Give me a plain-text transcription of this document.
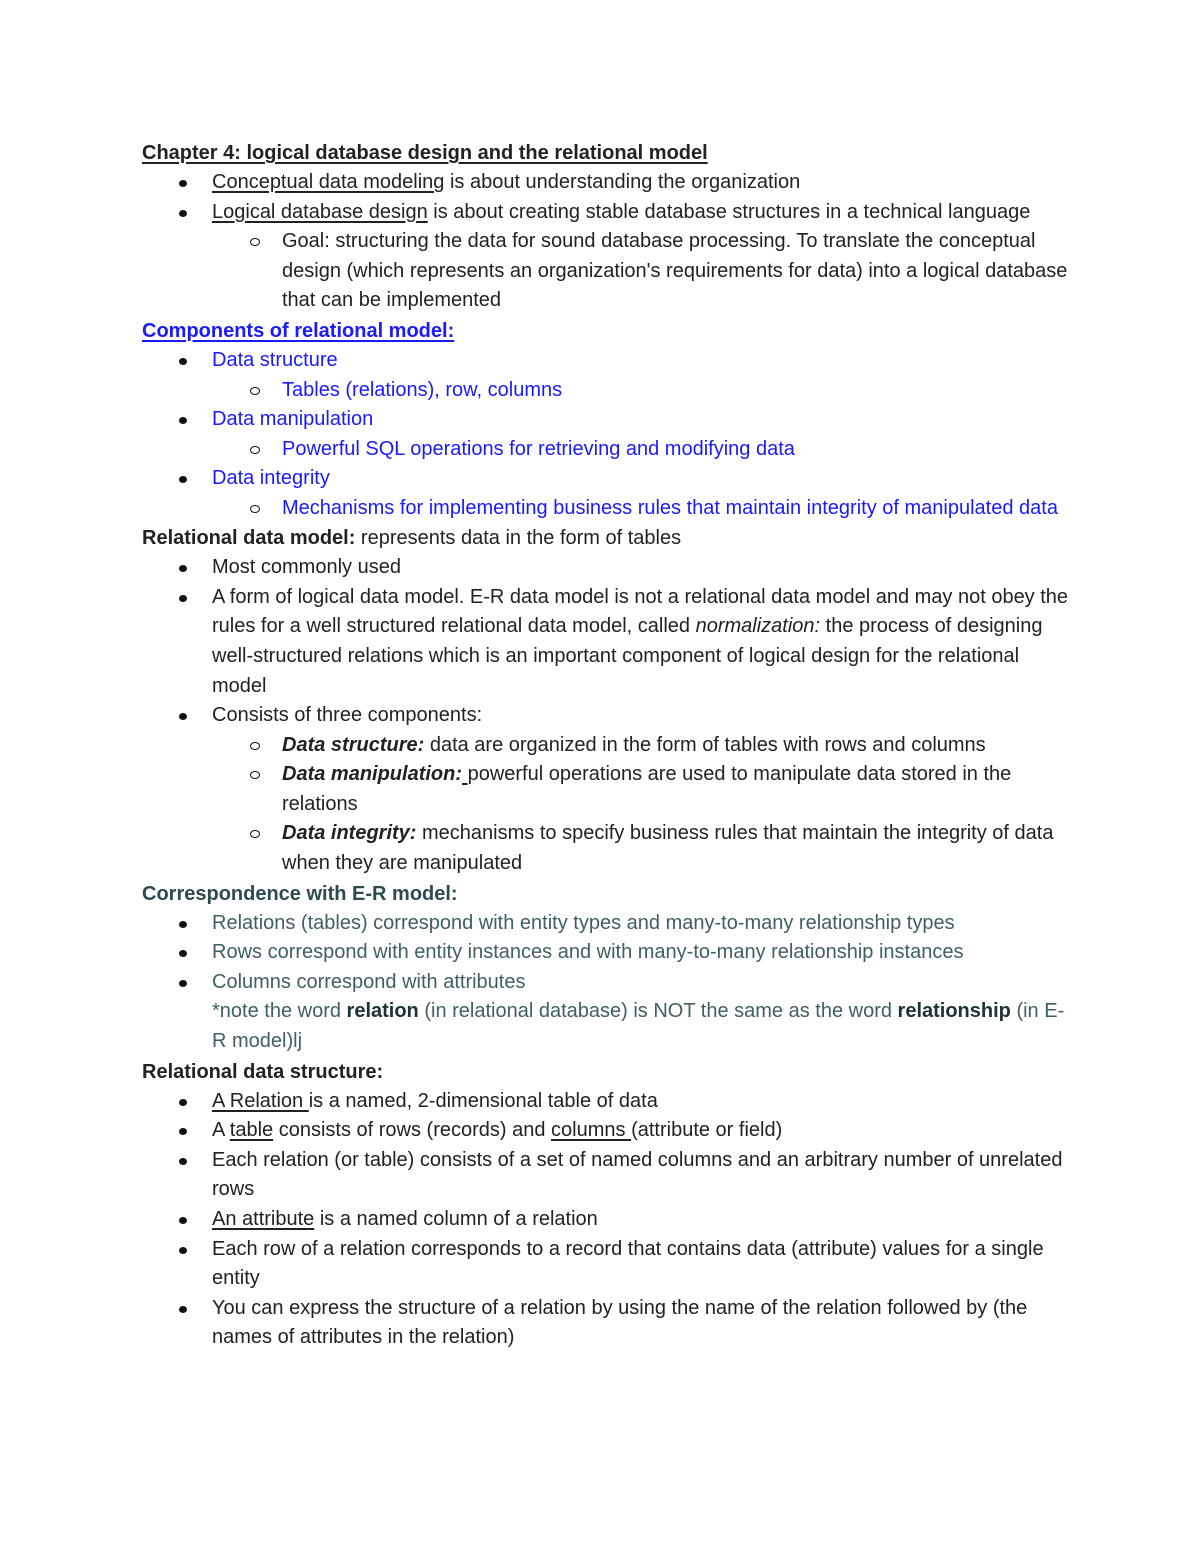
Chapter 4: logical database design and the relational model
Conceptual data modeling is about understanding the organization
Logical database design is about creating stable database structures in a technical language
Goal: structuring the data for sound database processing. To translate the conceptual design (which represents an organization's requirements for data) into a logical database that can be implemented
Components of relational model:
Data structure
Tables (relations), row, columns
Data manipulation
Powerful SQL operations for retrieving and modifying data
Data integrity
Mechanisms for implementing business rules that maintain integrity of manipulated data
Relational data model: represents data in the form of tables
Most commonly used
A form of logical data model. E-R data model is not a relational data model and may not obey the rules for a well structured relational data model, called normalization: the process of designing well-structured relations which is an important component of logical design for the relational model
Consists of three components:
Data structure: data are organized in the form of tables with rows and columns
Data manipulation: powerful operations are used to manipulate data stored in the relations
Data integrity: mechanisms to specify business rules that maintain the integrity of data when they are manipulated
Correspondence with E-R model:
Relations (tables) correspond with entity types and many-to-many relationship types
Rows correspond with entity instances and with many-to-many relationship instances
Columns correspond with attributes
*note the word relation (in relational database) is NOT the same as the word relationship (in E-R model)lj
Relational data structure:
A Relation is a named, 2-dimensional table of data
A table consists of rows (records) and columns (attribute or field)
Each relation (or table) consists of a set of named columns and an arbitrary number of unrelated rows
An attribute is a named column of a relation
Each row of a relation corresponds to a record that contains data (attribute) values for a single entity
You can express the structure of a relation by using the name of the relation followed by (the names of attributes in the relation)
